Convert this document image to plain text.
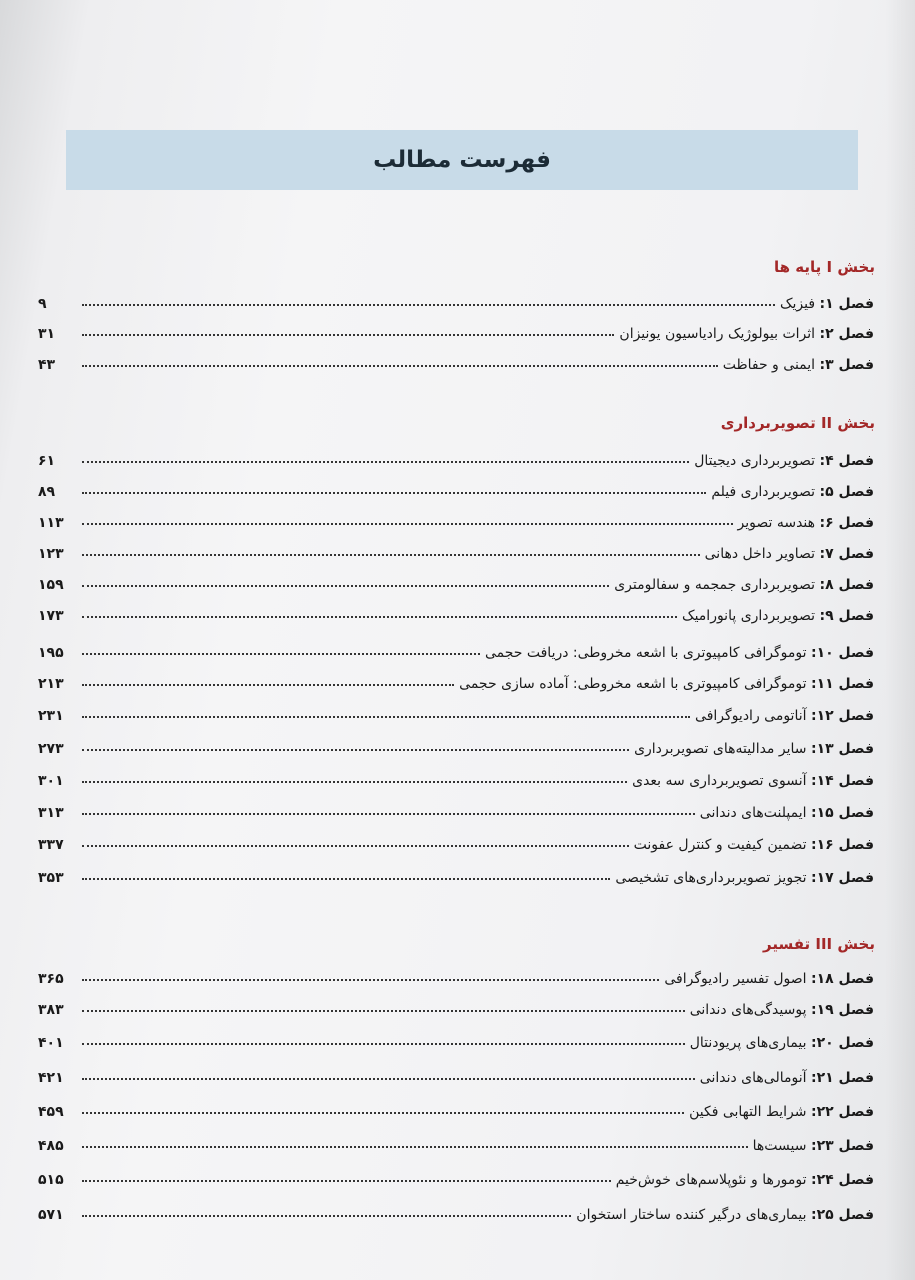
فهرست مطالب
بخش I پایه ها
فصل ۱: فیزیک
۹
فصل ۲: اثرات بیولوژیک رادیاسیون یونیزان
۳۱
فصل ۳: ایمنی و حفاظت
۴۳
بخش II تصویربرداری
فصل ۴: تصویربرداری دیجیتال
۶۱
فصل ۵: تصویربرداری فیلم
۸۹
فصل ۶: هندسه تصویر
۱۱۳
فصل ۷: تصاویر داخل دهانی
۱۲۳
فصل ۸: تصویربرداری جمجمه و سفالومتری
۱۵۹
فصل ۹: تصویربرداری پانورامیک
۱۷۳
فصل ۱۰: توموگرافی کامپیوتری با اشعه مخروطی: دریافت حجمی
۱۹۵
فصل ۱۱: توموگرافی کامپیوتری با اشعه مخروطی: آماده سازی حجمی
۲۱۳
فصل ۱۲: آناتومی رادیوگرافی
۲۳۱
فصل ۱۳: سایر مدالیته‌های تصویربرداری
۲۷۳
فصل ۱۴: آنسوی تصویربرداری سه بعدی
۳۰۱
فصل ۱۵: ایمپلنت‌های دندانی
۳۱۳
فصل ۱۶: تضمین کیفیت و کنترل عفونت
۳۳۷
فصل ۱۷: تجویز تصویربرداری‌های تشخیصی
۳۵۳
بخش III تفسیر
فصل ۱۸: اصول تفسیر رادیوگرافی
۳۶۵
فصل ۱۹: پوسیدگی‌های دندانی
۳۸۳
فصل ۲۰: بیماری‌های پریودنتال
۴۰۱
فصل ۲۱: آنومالی‌های دندانی
۴۲۱
فصل ۲۲: شرایط التهابی فکین
۴۵۹
فصل ۲۳: سیست‌ها
۴۸۵
فصل ۲۴: تومورها و نئوپلاسم‌های خوش‌خیم
۵۱۵
فصل ۲۵: بیماری‌های درگیر کننده ساختار استخوان
۵۷۱
